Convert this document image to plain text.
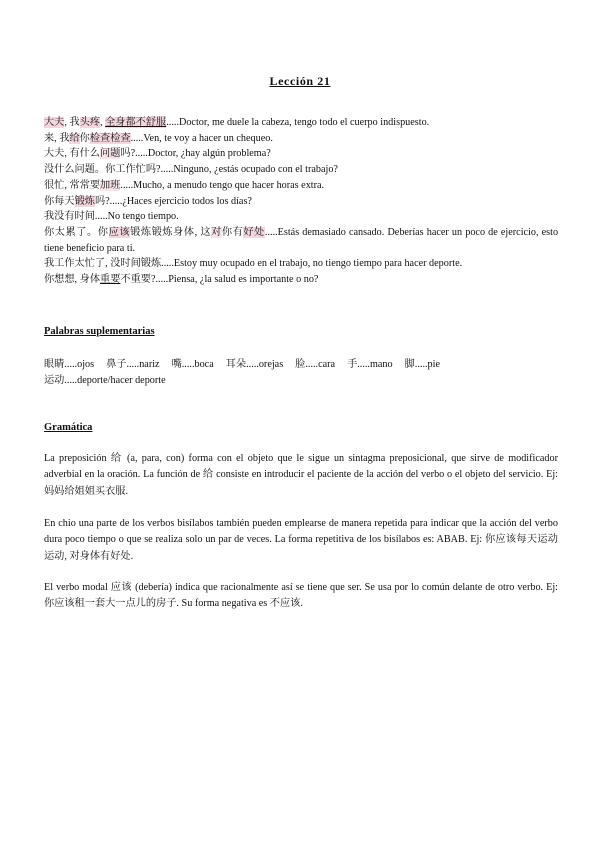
Lección 21
大夫, 我头疼, 全身都不舒服.....Doctor, me duele la cabeza, tengo todo el cuerpo indispuesto.
来, 我给你检查检查.....Ven, te voy a hacer un chequeo.
大夫, 有什么问题吗?.....Doctor, ¿hay algún problema?
没什么问题。你工作忙吗?.....Ninguno, ¿estás ocupado con el trabajo?
很忙, 常常要加班.....Mucho, a menudo tengo que hacer horas extra.
你每天锻炼吗?.....¿Haces ejercicio todos los días?
我没有时间.....No tengo tiempo.
你太累了。你应该锻炼锻炼身体, 这对你有好处.....Estás demasiado cansado. Deberías hacer un poco de ejercicio, esto tiene beneficio para ti.
我工作太忙了, 没时间锻炼.....Estoy muy ocupado en el trabajo, no tiengo tiempo para hacer deporte.
你想想, 身体重要不重要?.....Piensa, ¿la salud es importante o no?
Palabras suplementarias
眼睛.....ojos 鼻子.....nariz 嘴.....boca 耳朵.....orejas 脸.....cara 手.....mano 脚.....pie运动.....deporte/hacer deporte
Gramática
La preposición 给 (a, para, con) forma con el objeto que le sigue un sintagma preposicional, que sirve de modificador adverbial en la oración. La función de 给 consiste en introducir el paciente de la acción del verbo o el objeto del servicio. Ej: 妈妈给姐姐买衣服.
En chio una parte de los verbos bisílabos también pueden emplearse de manera repetida para indicar que la acción del verbo dura poco tiempo o que se realiza solo un par de veces. La forma repetitiva de los bisílabos es: ABAB. Ej: 你应该每天运动运动, 对身体有好处.
El verbo modal 应该 (debería) indica que racionalmente así se tiene que ser. Se usa por lo común delante de otro verbo. Ej: 你应该租一套大一点儿的房子. Su forma negativa es 不应该.
